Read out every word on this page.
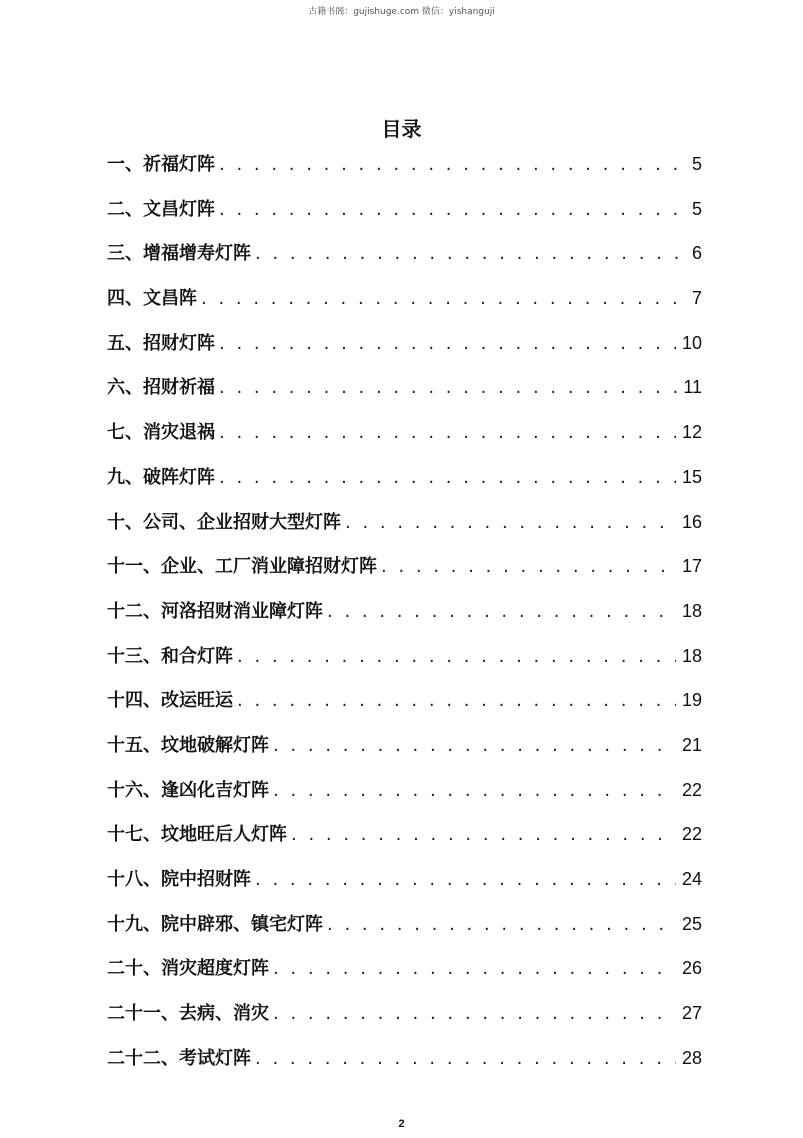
古籍书阁：gujishuge.com 微信：yishanguji
目录
一、祈福灯阵 . . .	5
二、文昌灯阵 . . .	5
三、增福增寿灯阵 . . .	6
四、文昌阵 . . .	7
五、招财灯阵 . . .	10
六、招财祈福 . . .	11
七、消灾退祸 . . .	12
九、破阵灯阵 . . .	15
十、公司、企业招财大型灯阵 . . .	16
十一、企业、工厂消业障招财灯阵 . . .	17
十二、河洛招财消业障灯阵 . . .	18
十三、和合灯阵 . . .	18
十四、改运旺运 . . .	19
十五、坟地破解灯阵 . . .	21
十六、逢凶化吉灯阵 . . .	22
十七、坟地旺后人灯阵 . . .	22
十八、院中招财阵 . . .	24
十九、院中辟邪、镇宅灯阵 . . .	25
二十、消灾超度灯阵 . . .	26
二十一、去病、消灾 . . .	27
二十二、考试灯阵 . . .	28
2
